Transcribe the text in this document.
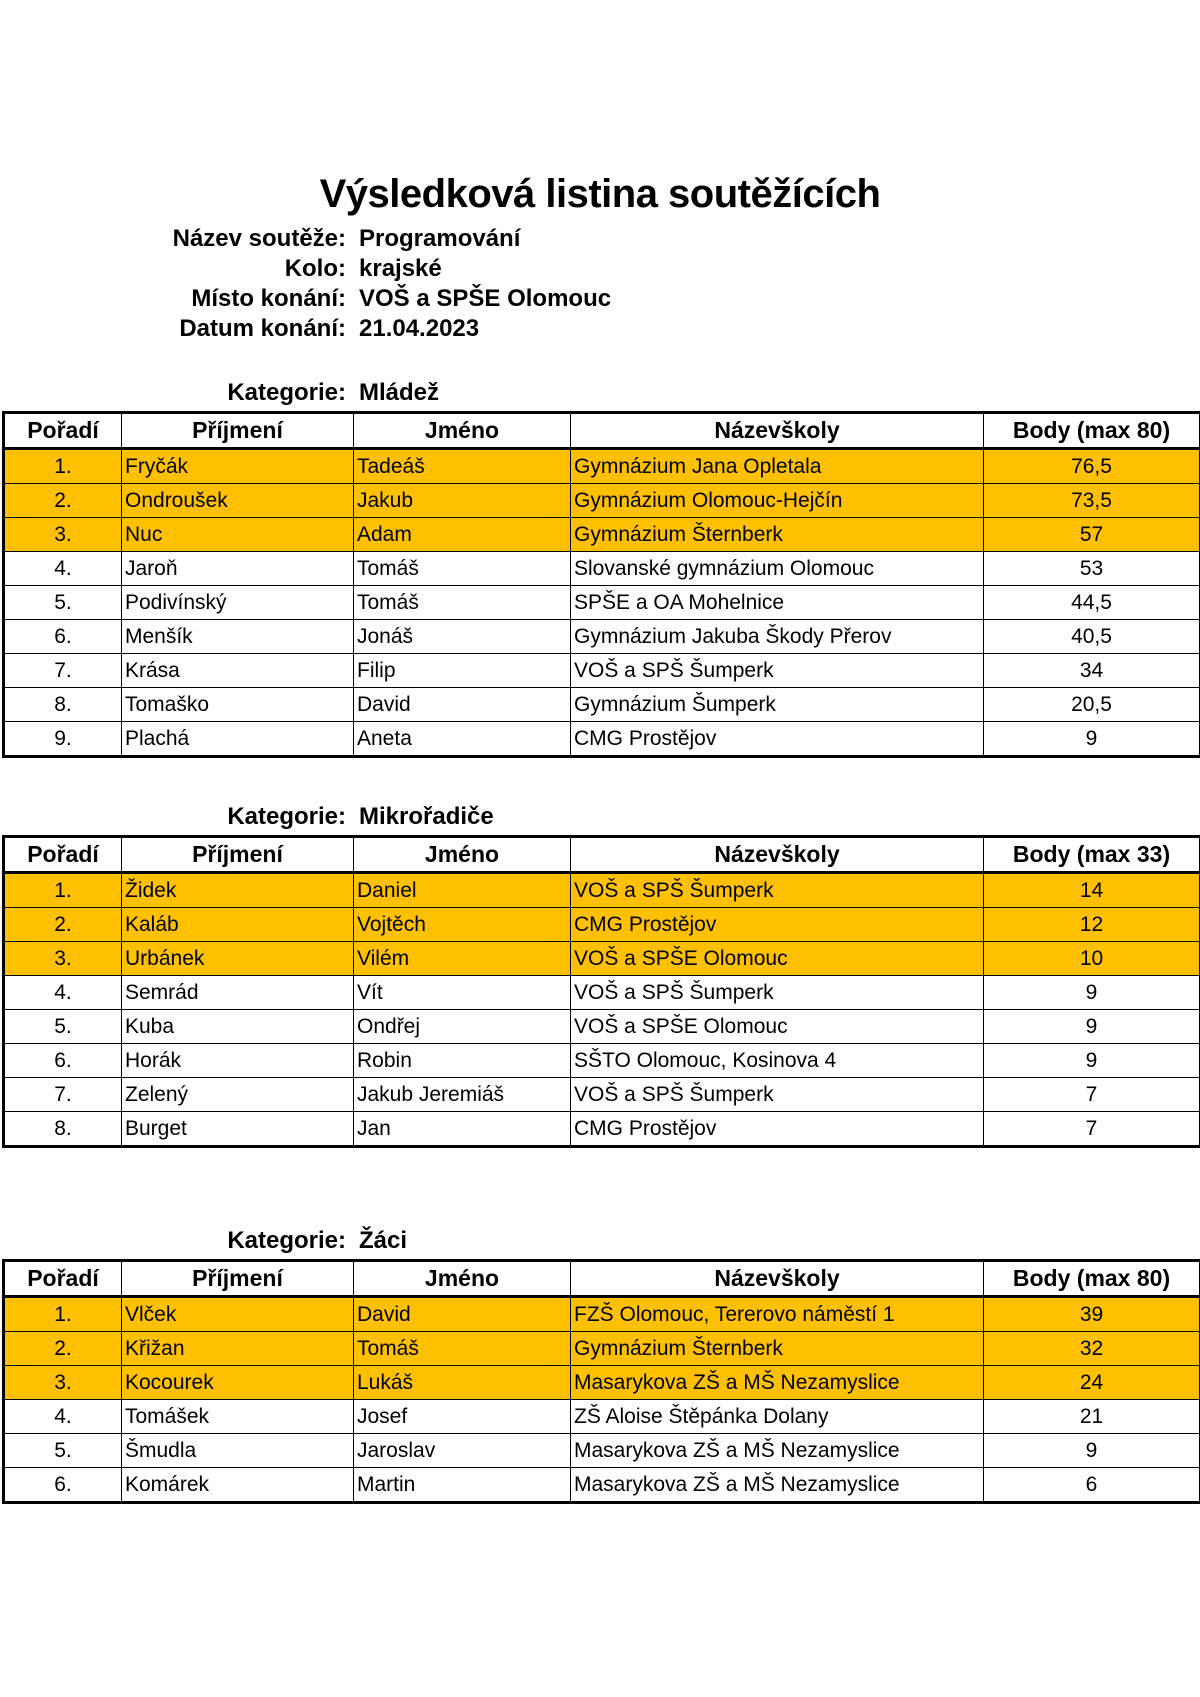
Výsledková listina soutěžících
Název soutěže: Programování
Kolo: krajské
Místo konání: VOŠ a SPŠE Olomouc
Datum konání: 21.04.2023
Kategorie: Mládež
Pořadí	Příjmení	Jméno	Názevškoly	Body (max 80)
1.	Fryčák	Tadeáš	Gymnázium Jana Opletala	76,5
2.	Ondroušek	Jakub	Gymnázium Olomouc-Hejčín	73,5
3.	Nuc	Adam	Gymnázium Šternberk	57
4.	Jaroň	Tomáš	Slovanské gymnázium Olomouc	53
5.	Podivínský	Tomáš	SPŠE a OA Mohelnice	44,5
6.	Menšík	Jonáš	Gymnázium Jakuba Škody Přerov	40,5
7.	Krása	Filip	VOŠ a SPŠ Šumperk	34
8.	Tomaško	David	Gymnázium Šumperk	20,5
9.	Plachá	Aneta	CMG Prostějov	9
Kategorie: Mikrořadiče
Pořadí	Příjmení	Jméno	Názevškoly	Body (max 33)
1.	Židek	Daniel	VOŠ a SPŠ Šumperk	14
2.	Kaláb	Vojtěch	CMG Prostějov	12
3.	Urbánek	Vilém	VOŠ a SPŠE Olomouc	10
4.	Semrád	Vít	VOŠ a SPŠ Šumperk	9
5.	Kuba	Ondřej	VOŠ a SPŠE Olomouc	9
6.	Horák	Robin	SŠTO Olomouc, Kosinova 4	9
7.	Zelený	Jakub Jeremiáš	VOŠ a SPŠ Šumperk	7
8.	Burget	Jan	CMG Prostějov	7
Kategorie: Žáci
Pořadí	Příjmení	Jméno	Názevškoly	Body (max 80)
1.	Vlček	David	FZŠ Olomouc, Tererovo náměstí 1	39
2.	Křižan	Tomáš	Gymnázium Šternberk	32
3.	Kocourek	Lukáš	Masarykova ZŠ a MŠ Nezamyslice	24
4.	Tomášek	Josef	ZŠ Aloise Štěpánka Dolany	21
5.	Šmudla	Jaroslav	Masarykova ZŠ a MŠ Nezamyslice	9
6.	Komárek	Martin	Masarykova ZŠ a MŠ Nezamyslice	6
